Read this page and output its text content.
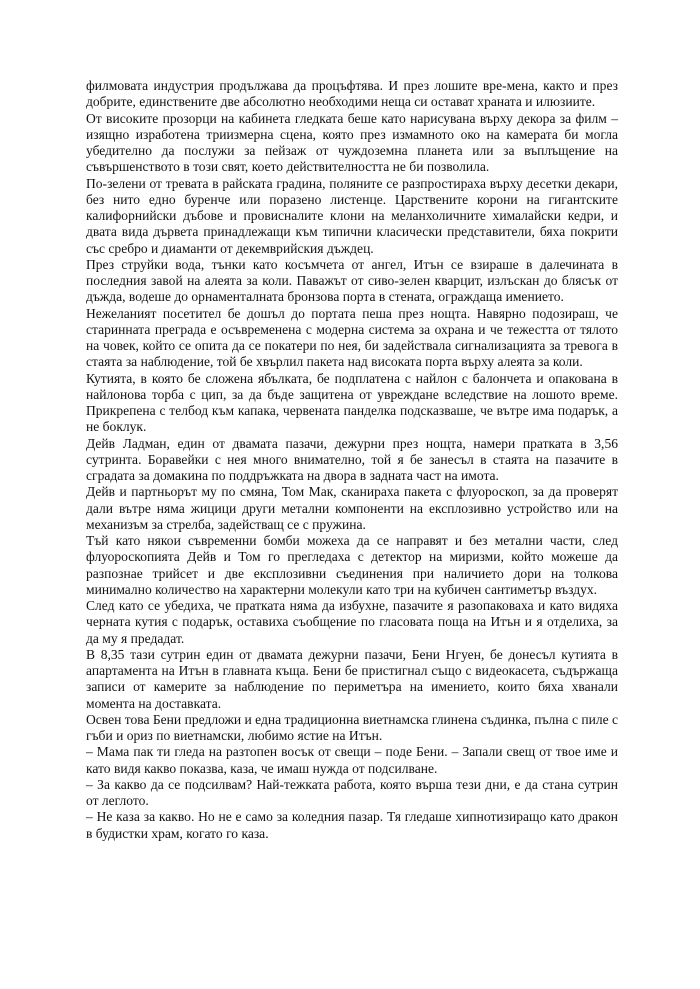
филмовата индустрия продължава да процъфтява. И през лошите вре-мена, както и през добрите, единствените две абсолютно необходими неща си остават храната и илюзиите.

От високите прозорци на кабинета гледката беше като нарисувана върху декора за филм – изящно изработена триизмерна сцена, която през измамното око на камерата би могла убедително да послужи за пейзаж от чуждоземна планета или за въплъщение на съвършенството в този свят, което действителността не би позволила.

По-зелени от тревата в райската градина, поляните се разпростираха върху десетки декари, без нито едно буренче или поразено листенце. Царствените корони на гигантските калифорнийски дъбове и провисналите клони на меланхоличните хималайски кедри, и двата вида дървета принадлежащи към типични класически представители, бяха покрити със сребро и диаманти от декемврийския дъждец.

През струйки вода, тънки като косъмчета от ангел, Итън се взираше в далечината в последния завой на алеята за коли. Паважът от сиво-зелен кварцит, излъскан до блясък от дъжда, водеше до орнаменталната бронзова порта в стената, ограждаща имението.

Нежеланият посетител бе дошъл до портата пеша през нощта. Навярно подозираш, че старинната преграда е осъвременена с модерна система за охрана и че тежестта от тялото на човек, който се опита да се покатери по нея, би задействала сигнализацията за тревога в стаята за наблюдение, той бе хвърлил пакета над високата порта върху алеята за коли.

Кутията, в която бе сложена ябълката, бе подплатена с найлон с балончета и опакована в найлонова торба с цип, за да бъде защитена от увреждане вследствие на лошото време. Прикрепена с телбод към капака, червената панделка подсказваше, че вътре има подарък, а не боклук.

Дейв Ладман, един от двамата пазачи, дежурни през нощта, намери пратката в 3,56 сутринта. Боравейки с нея много внимателно, той я бе занесъл в стаята на пазачите в сградата за домакина по поддръжката на двора в задната част на имота.

Дейв и партньорът му по смяна, Том Мак, сканираха пакета с флуороскоп, за да проверят дали вътре няма жицици други метални компоненти на експлозивно устройство или на механизъм за стрелба, задействащ се с пружина.

Тъй като някои съвременни бомби можеха да се направят и без метални части, след флуороскопията Дейв и Том го прегледаха с детектор на миризми, който можеше да разпознае трийсет и две експлозивни съединения при наличието дори на толкова минимално количество на характерни молекули като три на кубичен сантиметър въздух.

След като се убедиха, че пратката няма да избухне, пазачите я разопаковаха и като видяха черната кутия с подарък, оставиха съобщение по гласовата поща на Итън и я отделиха, за да му я предадат.

В 8,35 тази сутрин един от двамата дежурни пазачи, Бени Нгуен, бе донесъл кутията в апартамента на Итън в главната къща. Бени бе пристигнал също с видеокасета, съдържаща записи от камерите за наблюдение по периметъра на имението, които бяха хванали момента на доставката.

Освен това Бени предложи и една традиционна виетнамска глинена съдинка, пълна с пиле с гъби и ориз по виетнамски, любимо ястие на Итън.

– Мама пак ти гледа на разтопен восък от свещи – поде Бени. – Запали свещ от твое име и като видя какво показва, каза, че имаш нужда от подсилване.

– За какво да се подсилвам? Най-тежката работа, която върша тези дни, е да стана сутрин от леглото.

– Не каза за какво. Но не е само за коледния пазар. Тя гледаше хипнотизиращо като дракон в будистки храм, когато го каза.
